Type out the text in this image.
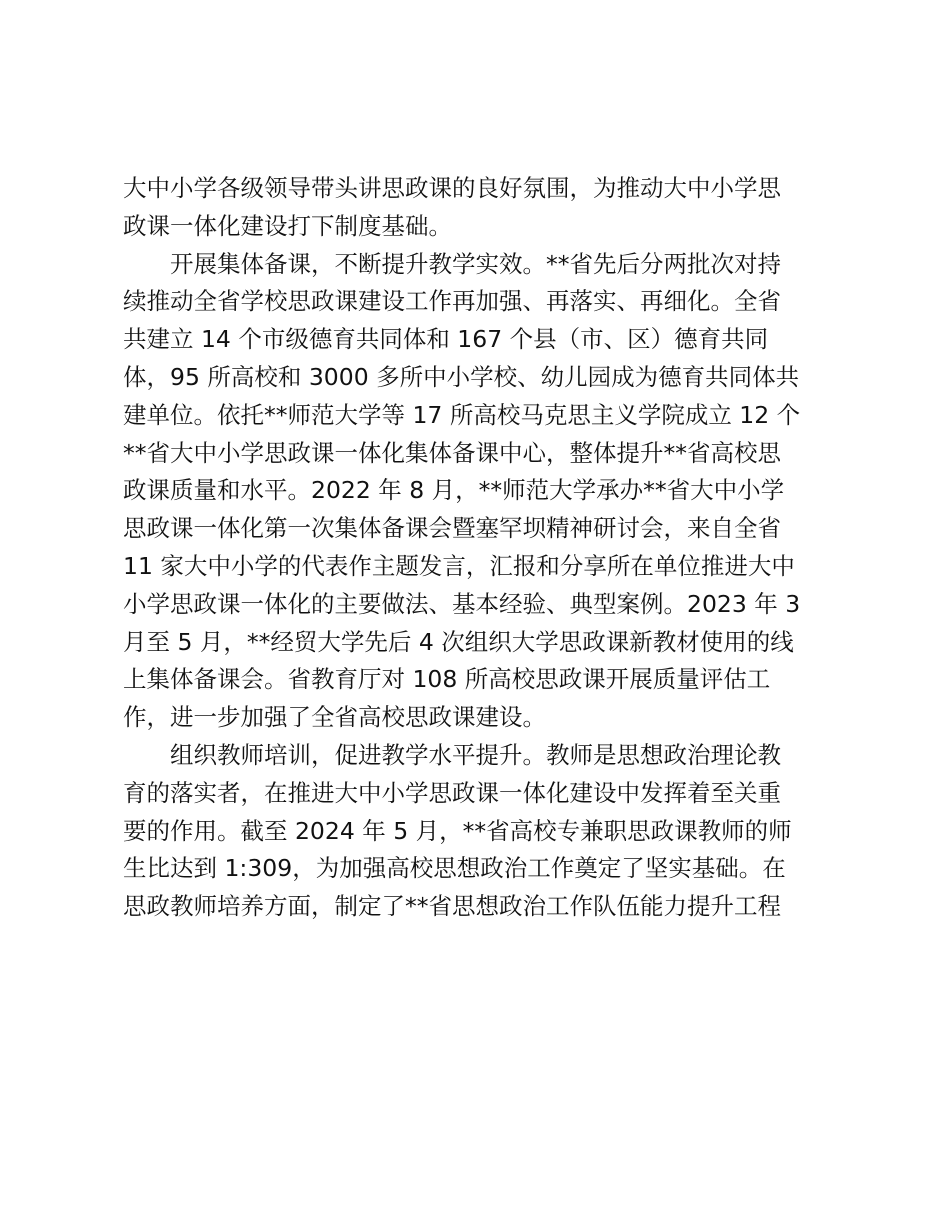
大中小学各级领导带头讲思政课的良好氛围，为推动大中小学思
政课一体化建设打下制度基础。
开展集体备课，不断提升教学实效。**省先后分两批次对持
续推动全省学校思政课建设工作再加强、再落实、再细化。全省
共建立 14 个市级德育共同体和 167 个县（市、区）德育共同
体，95 所高校和 3000 多所中小学校、幼儿园成为德育共同体共
建单位。依托**师范大学等 17 所高校马克思主义学院成立 12 个
**省大中小学思政课一体化集体备课中心，整体提升**省高校思
政课质量和水平。2022 年 8 月，**师范大学承办**省大中小学
思政课一体化第一次集体备课会暨塞罕坝精神研讨会，来自全省
11 家大中小学的代表作主题发言，汇报和分享所在单位推进大中
小学思政课一体化的主要做法、基本经验、典型案例。2023 年 3
月至 5 月，**经贸大学先后 4 次组织大学思政课新教材使用的线
上集体备课会。省教育厅对 108 所高校思政课开展质量评估工
作，进一步加强了全省高校思政课建设。
组织教师培训，促进教学水平提升。教师是思想政治理论教
育的落实者，在推进大中小学思政课一体化建设中发挥着至关重
要的作用。截至 2024 年 5 月，**省高校专兼职思政课教师的师
生比达到 1:309，为加强高校思想政治工作奠定了坚实基础。在
思政教师培养方面，制定了**省思想政治工作队伍能力提升工程
